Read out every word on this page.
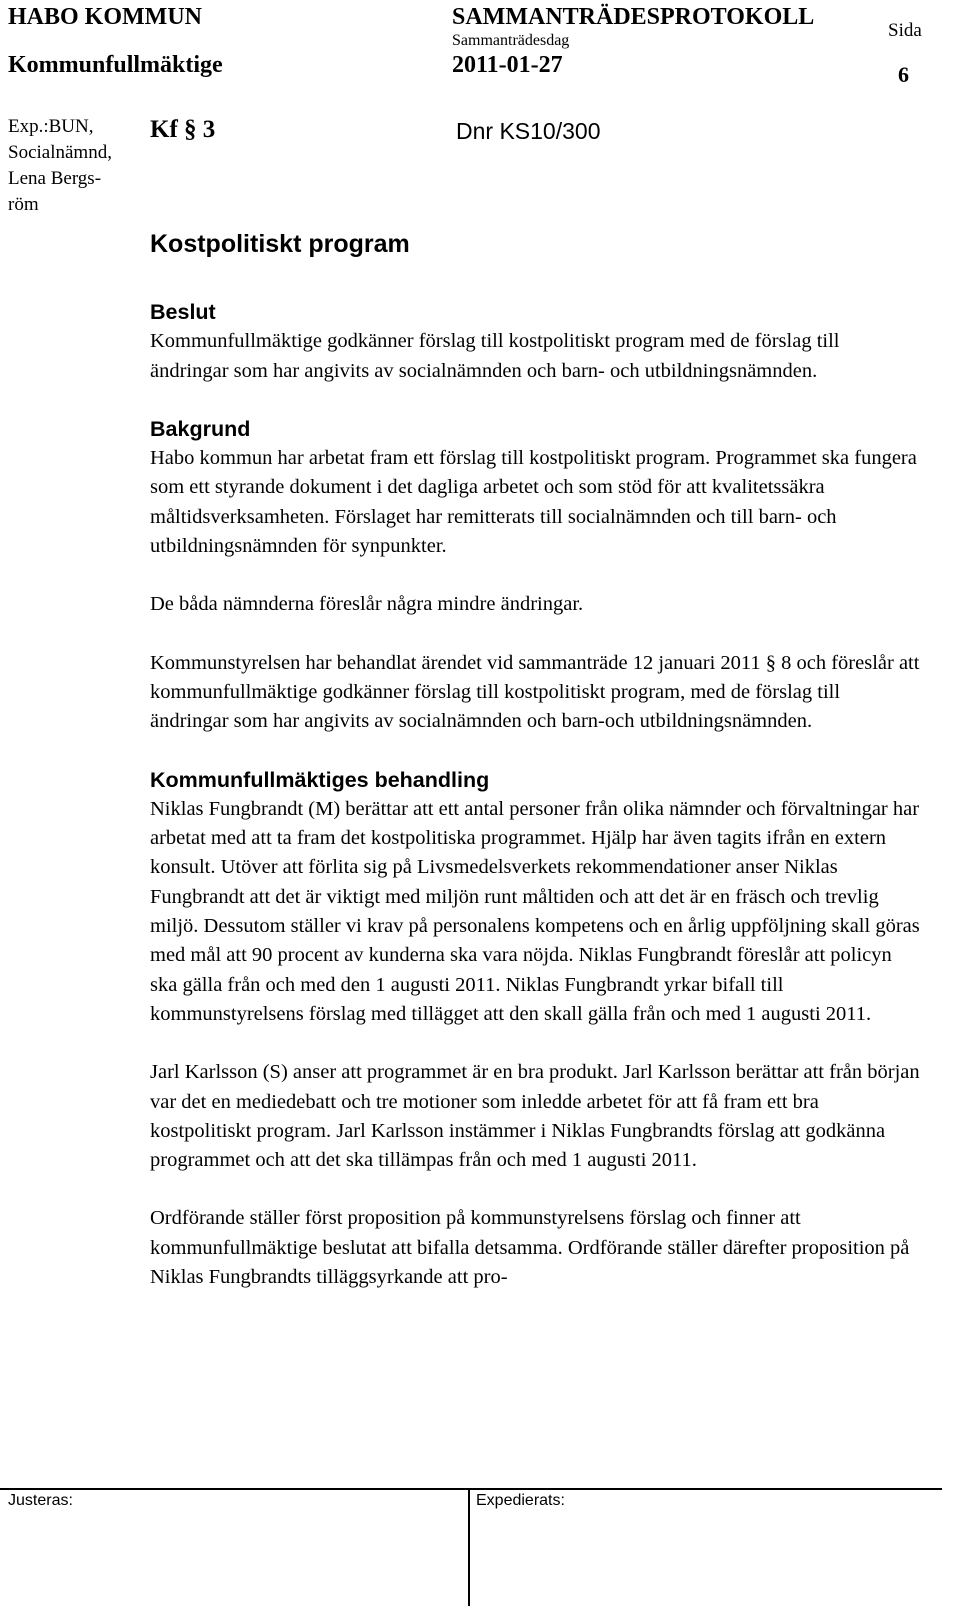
HABO KOMMUN
Kommunfullmäktige
SAMMANTRÄDESPROTOKOLL
Sammanträdesdag
2011-01-27
Sida
6

Exp.:BUN,

Socialnämnd,

Lena Bergs-

röm

Kf § 3	Dnr KS10/300
Kostpolitiskt program
Beslut

Kommunfullmäktige godkänner förslag till kostpolitiskt program med de förslag till ändringar som har angivits av socialnämnden och barn- och utbildningsnämnden.

Bakgrund

Habo kommun har arbetat fram ett förslag till kostpolitiskt program. Programmet ska fungera som ett styrande dokument i det dagliga arbetet och som stöd för att kvalitetssäkra måltidsverksamheten. Förslaget har remitterats till socialnämnden och till barn- och utbildningsnämnden för synpunkter.

De båda nämnderna föreslår några mindre ändringar.

Kommunstyrelsen har behandlat ärendet vid sammanträde 12 januari 2011 § 8 och föreslår att kommunfullmäktige godkänner förslag till kostpolitiskt program, med de förslag till ändringar som har angivits av socialnämnden och barn-och utbildningsnämnden.

Kommunfullmäktiges behandling

Niklas Fungbrandt (M) berättar att ett antal personer från olika nämnder och förvaltningar har arbetat med att ta fram det kostpolitiska programmet. Hjälp har även tagits ifrån en extern konsult. Utöver att förlita sig på Livsmedelsverkets rekommendationer anser Niklas Fungbrandt att det är viktigt med miljön runt måltiden och att det är en fräsch och trevlig miljö. Dessutom ställer vi krav på personalens kompetens och en årlig uppföljning skall göras med mål att 90 procent av kunderna ska vara nöjda. Niklas Fungbrandt föreslår att policyn ska gälla från och med den 1 augusti 2011. Niklas Fungbrandt yrkar bifall till kommunstyrelsens förslag med tillägget att den skall gälla från och med 1 augusti 2011.

Jarl Karlsson (S) anser att programmet är en bra produkt. Jarl Karlsson berättar att från början var det en mediedebatt och tre motioner som inledde arbetet för att få fram ett bra kostpolitiskt program. Jarl Karlsson instämmer i Niklas Fungbrandts förslag att godkänna programmet och att det ska tillämpas från och med 1 augusti 2011.

Ordförande ställer först proposition på kommunstyrelsens förslag och finner att kommunfullmäktige beslutat att bifalla detsamma. Ordförande ställer därefter proposition på Niklas Fungbrandts tilläggsyrkande att pro-

Justeras:	Expedierats:
